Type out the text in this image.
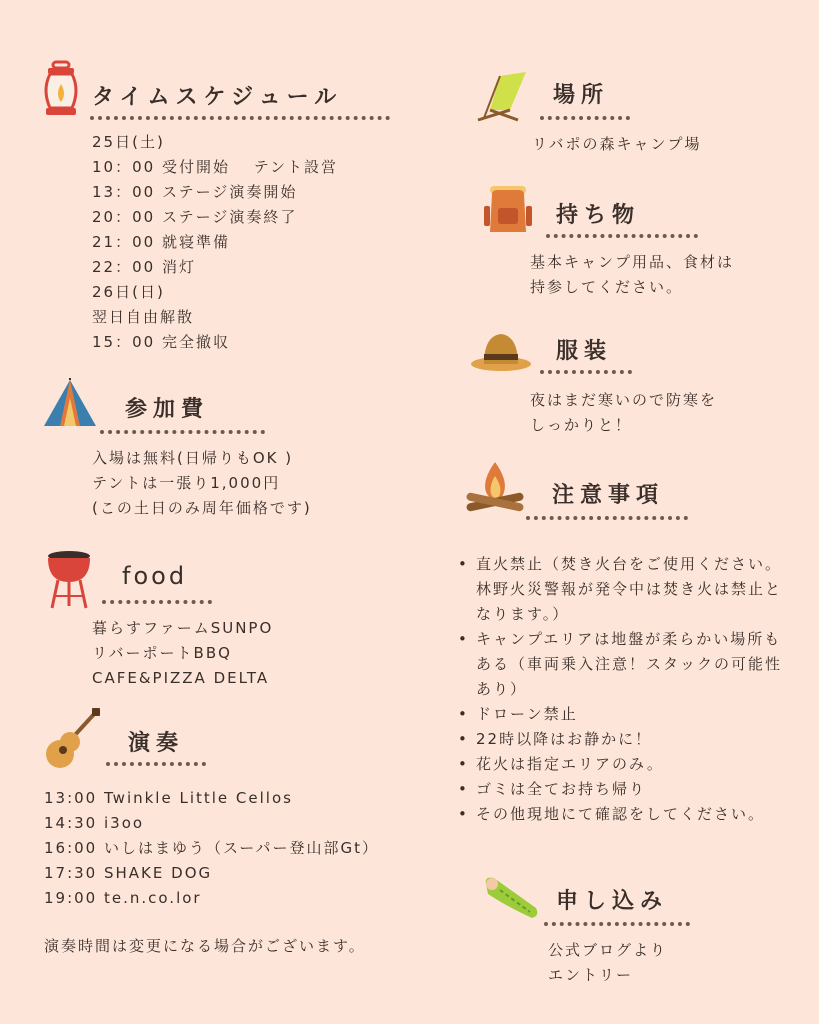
タイムスケジュール
25日(土)
10：00 受付開始　 テント設営
13：00 ステージ演奏開始
20：00 ステージ演奏終了
21：00 就寝準備
22：00 消灯
26日(日)
翌日自由解散
15：00 完全撤収
参加費
入場は無料(日帰りもOK )
テントは一張り1,000円
(この土日のみ周年価格です)
food
暮らすファームSUNPO
リバーポートBBQ
CAFE&PIZZA DELTA
演奏
13:00 Twinkle Little Cellos
14:30 i3oo
16:00 いしはまゆう（スーパー登山部Gt）
17:30 SHAKE DOG
19:00 te.n.co.lor
演奏時間は変更になる場合がございます。
場所
リバポの森キャンプ場
持ち物
基本キャンプ用品、食材は
持参してください。
服装
夜はまだ寒いので防寒を
しっかりと！
注意事項
• 直火禁止（焚き火台をご使用ください。林野火災警報が発令中は焚き火は禁止となります。）
• キャンプエリアは地盤が柔らかい場所もある（車両乗入注意！スタックの可能性あり）
• ドローン禁止
• 22時以降はお静かに！
• 花火は指定エリアのみ。
• ゴミは全てお持ち帰り
• その他現地にて確認をしてください。
申し込み
公式ブログより
エントリー
